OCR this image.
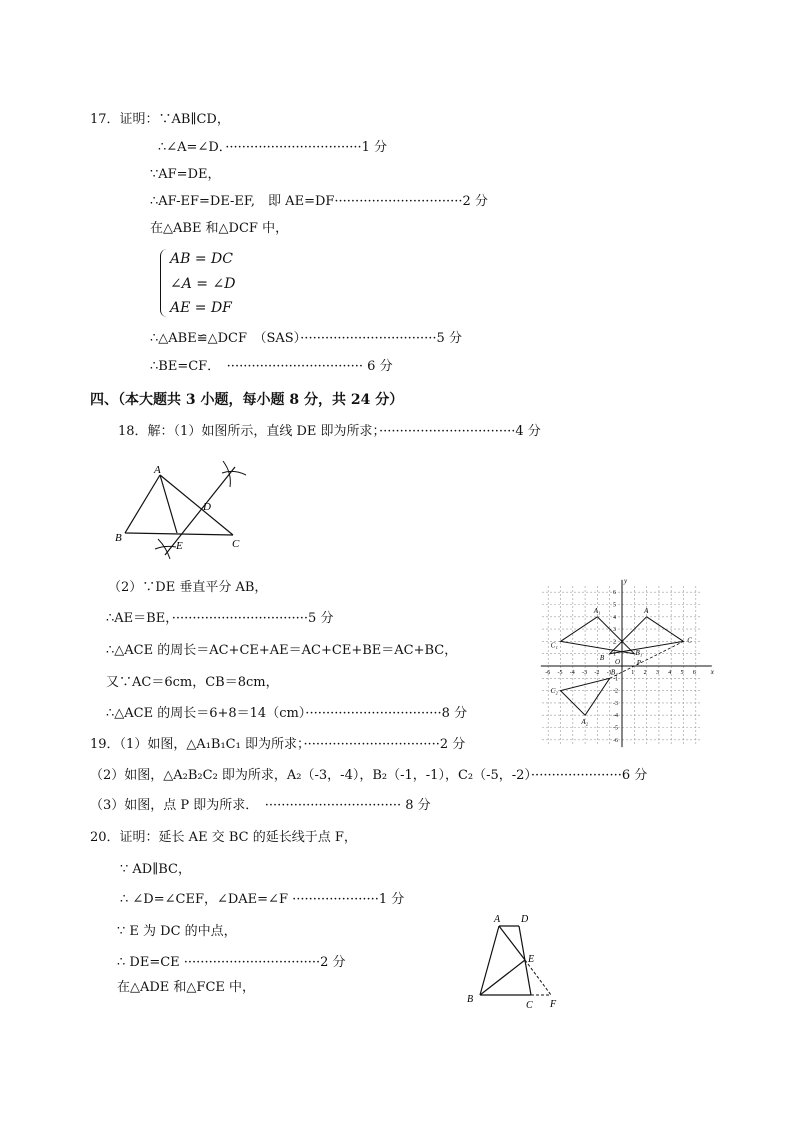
17．证明：∵AB∥CD，
∴∠A=∠D．·································1 分
∵AF=DE，
∴AF-EF=DE-EF,　即 AE=DF·······························2 分
在△ABE 和△DCF 中，
AB = DC
∠A = ∠D
AE = DF
∴△ABE≌△DCF　（SAS）·································5 分
∴BE=CF．　································· 6 分
四、（本大题共 3 小题，每小题 8 分，共 24 分）
18．解：（1）如图所示，直线 DE 即为所求；·································4 分
A
B	C
D
E
（2）∵DE 垂直平分 AB，
∴AE＝BE，·································5 分
∴△ACE 的周长＝AC+CE+AE＝AC+CE+BE＝AC+BC，
又∵AC＝6cm，CB＝8cm，
∴△ACE 的周长＝6+8＝14（cm）·································8 分
x
y
O
-6 -5 -4 -3 -2 -1	1 2 3 4 5 6
6
5
4
3
2
1
-1
-2
-3
-4
-5
-6
A
B
C
A₁
B₁
C₁
A₂
B₂
C₂
P
19．（1）如图，△A₁B₁C₁ 即为所求；·································2 分
（2）如图，△A₂B₂C₂ 即为所求，A₂（-3，-4），B₂（-1，-1），C₂（-5，-2）······················6 分
（3）如图，点 P 即为所求．　································· 8 分
20．证明：延长 AE 交 BC 的延长线于点 F，
∵ AD∥BC，
∴ ∠D=∠CEF，∠DAE=∠F ·····················1 分
∵ E 为 DC 的中点，
∴ DE=CE ·································2 分
在△ADE 和△FCE 中，
A D
E
B
C F
